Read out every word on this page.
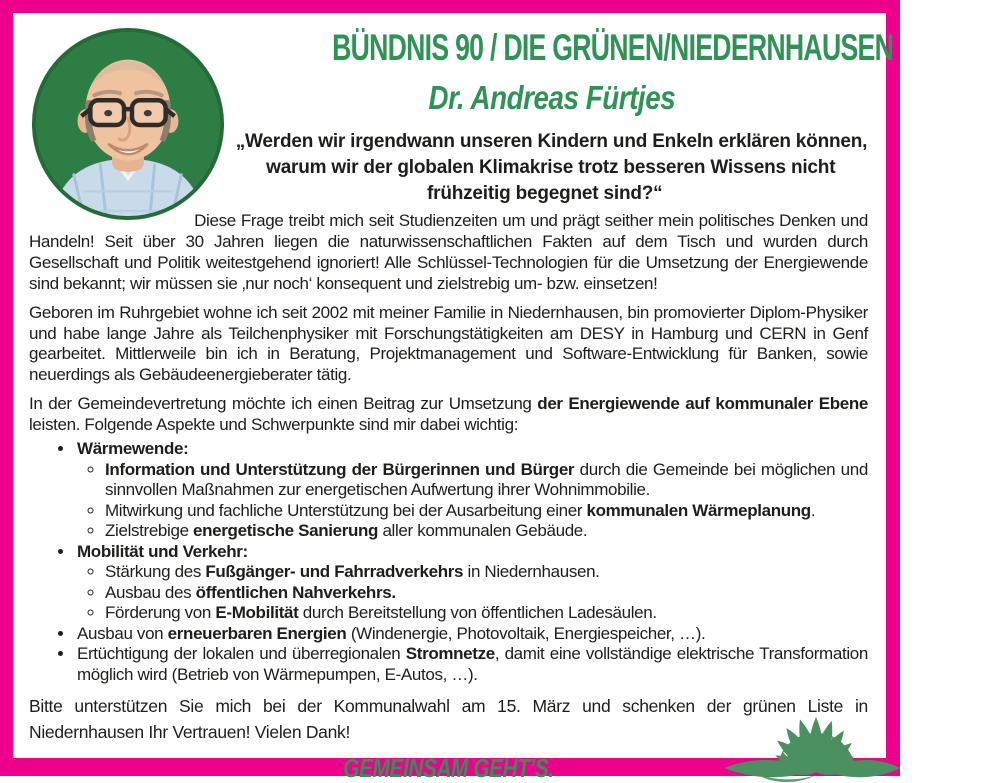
BÜNDNIS 90 / DIE GRÜNEN/NIEDERNHAUSEN
Dr. Andreas Fürtjes

„Werden wir irgendwann unseren Kindern und Enkeln erklären können, warum wir der globalen Klimakrise trotz besseren Wissens nicht frühzeitig begegnet sind?“

Diese Frage treibt mich seit Studienzeiten um und prägt seither mein politisches Denken und Handeln! Seit über 30 Jahren liegen die naturwissenschaftlichen Fakten auf dem Tisch und wurden durch Gesellschaft und Politik weitestgehend ignoriert! Alle Schlüssel-Technologien für die Umsetzung der Energiewende sind bekannt; wir müssen sie ‚nur noch‘ konsequent und zielstrebig um- bzw. einsetzen!

Geboren im Ruhrgebiet wohne ich seit 2002 mit meiner Familie in Niedernhausen, bin promovierter Diplom-Physiker und habe lange Jahre als Teilchenphysiker mit Forschungstätigkeiten am DESY in Hamburg und CERN in Genf gearbeitet. Mittlerweile bin ich in Beratung, Projektmanagement und Software-Entwicklung für Banken, sowie neuerdings als Gebäudeenergieberater tätig.

In der Gemeindevertretung möchte ich einen Beitrag zur Umsetzung der Energiewende auf kommunaler Ebene leisten. Folgende Aspekte und Schwerpunkte sind mir dabei wichtig:

• Wärmewende:
◦ Information und Unterstützung der Bürgerinnen und Bürger durch die Gemeinde bei möglichen und sinnvollen Maßnahmen zur energetischen Aufwertung ihrer Wohnimmobilie.
◦ Mitwirkung und fachliche Unterstützung bei der Ausarbeitung einer kommunalen Wärmeplanung.
◦ Zielstrebige energetische Sanierung aller kommunalen Gebäude.
• Mobilität und Verkehr:
◦ Stärkung des Fußgänger- und Fahrradverkehrs in Niedernhausen.
◦ Ausbau des öffentlichen Nahverkehrs.
◦ Förderung von E-Mobilität durch Bereitstellung von öffentlichen Ladesäulen.
• Ausbau von erneuerbaren Energien (Windenergie, Photovoltaik, Energiespeicher, …).
• Ertüchtigung der lokalen und überregionalen Stromnetze, damit eine vollständige elektrische Transformation möglich wird (Betrieb von Wärmepumpen, E-Autos, …).

Bitte unterstützen Sie mich bei der Kommunalwahl am 15. März und schenken der grünen Liste in Niedernhausen Ihr Vertrauen! Vielen Dank!

GEMEINSAM GEHT’S.
